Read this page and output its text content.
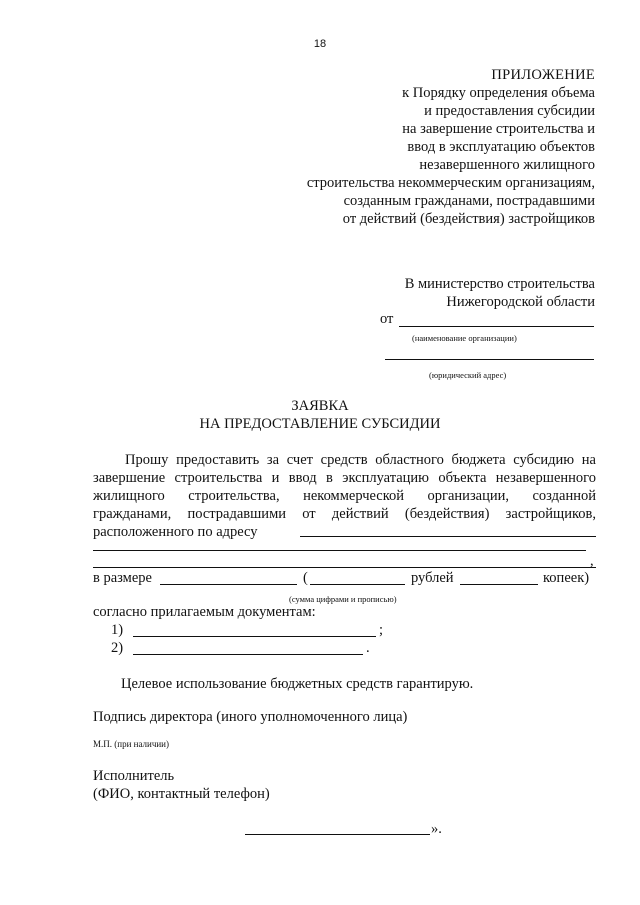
18
ПРИЛОЖЕНИЕ
к Порядку определения объема
и предоставления субсидии
на завершение строительства и
ввод в эксплуатацию объектов
незавершенного жилищного
строительства некоммерческим организациям,
созданным гражданами, пострадавшими
от действий (бездействия) застройщиков
В министерство строительства
Нижегородской области
от
(наименование организации)
(юридический адрес)
ЗАЯВКА
НА ПРЕДОСТАВЛЕНИЕ СУБСИДИИ
Прошу предоставить за счет средств областного бюджета субсидию на завершение строительства и ввод в эксплуатацию объекта незавершенного жилищного строительства, некоммерческой организации, созданной гражданами, пострадавшими от действий (бездействия) застройщиков, расположенного по адресу
,
в размере	(	рублей	копеек)
(сумма цифрами и прописью)
согласно прилагаемым документам:
1)	;
2)	.
Целевое использование бюджетных средств гарантирую.
Подпись директора (иного уполномоченного лица)
М.П. (при наличии)
Исполнитель
(ФИО, контактный телефон)
».
